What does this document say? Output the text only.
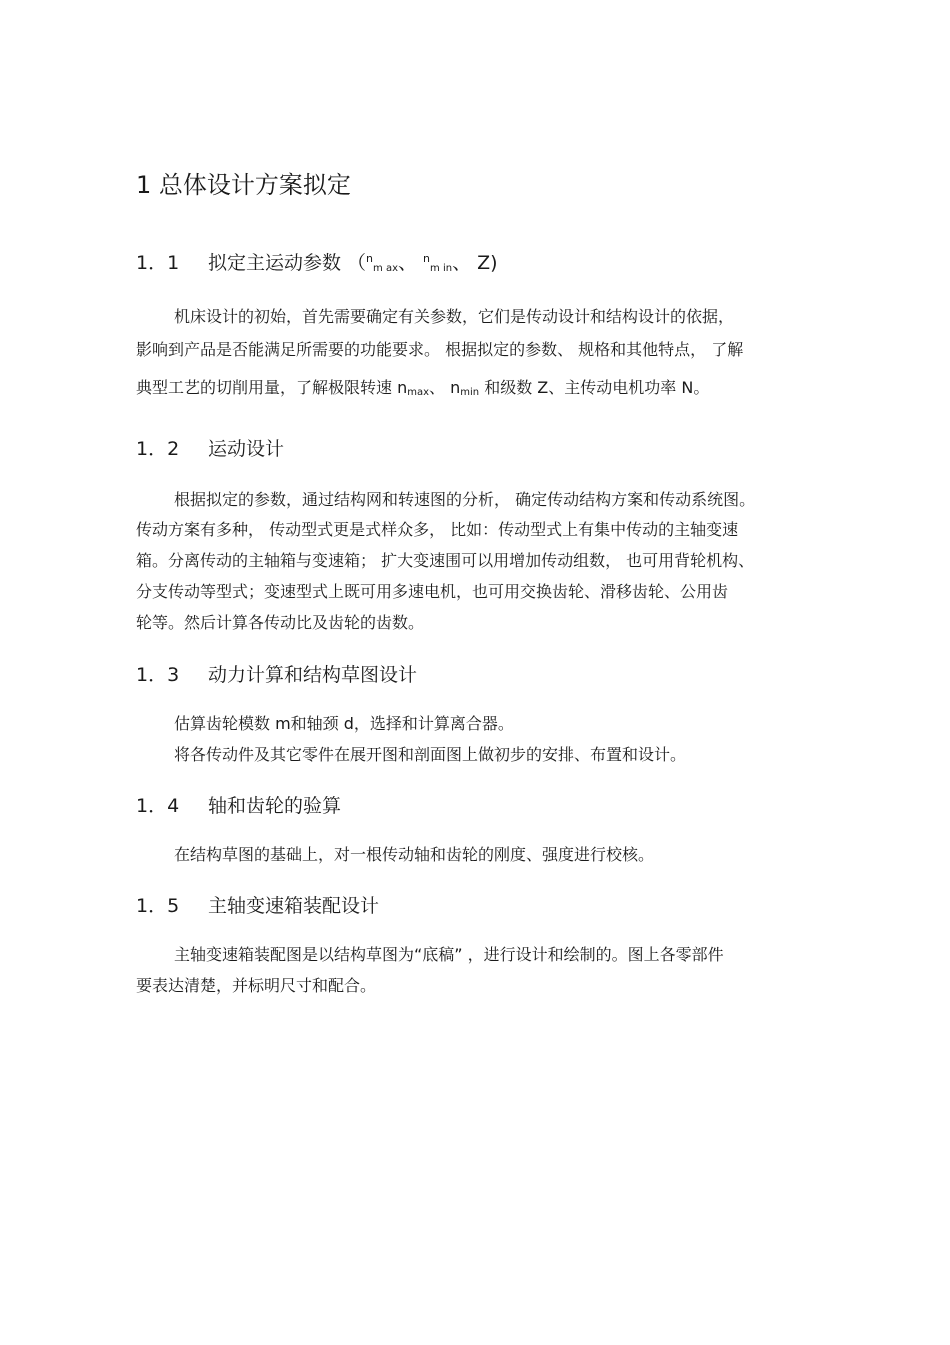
1 总体设计方案拟定
1．1 拟定主运动参数 （$^n_{m ax}$、 $^n_{m in}$、 Z)

机床设计的初始，首先需要确定有关参数，它们是传动设计和结构设计的依据，

影响到产品是否能满足所需要的功能要求。 根据拟定的参数、 规格和其他特点， 了解

典型工艺的切削用量，了解极限转速 $n_{max}$、 $n_{min}$ 和级数 Z、主传动电机功率 N。

1．2 运动设计

根据拟定的参数，通过结构网和转速图的分析， 确定传动结构方案和传动系统图。

传动方案有多种， 传动型式更是式样众多， 比如：传动型式上有集中传动的主轴变速

箱。分离传动的主轴箱与变速箱； 扩大变速围可以用增加传动组数， 也可用背轮机构、

分支传动等型式；变速型式上既可用多速电机，也可用交换齿轮、滑移齿轮、公用齿

轮等。然后计算各传动比及齿轮的齿数。

1．3 动力计算和结构草图设计

估算齿轮模数 m和轴颈 d，选择和计算离合器。

将各传动件及其它零件在展开图和剖面图上做初步的安排、布置和设计。

1．4 轴和齿轮的验算

在结构草图的基础上，对一根传动轴和齿轮的刚度、强度进行校核。

1．5 主轴变速箱装配设计

主轴变速箱装配图是以结构草图为“底稿” ，进行设计和绘制的。图上各零部件

要表达清楚，并标明尺寸和配合。
